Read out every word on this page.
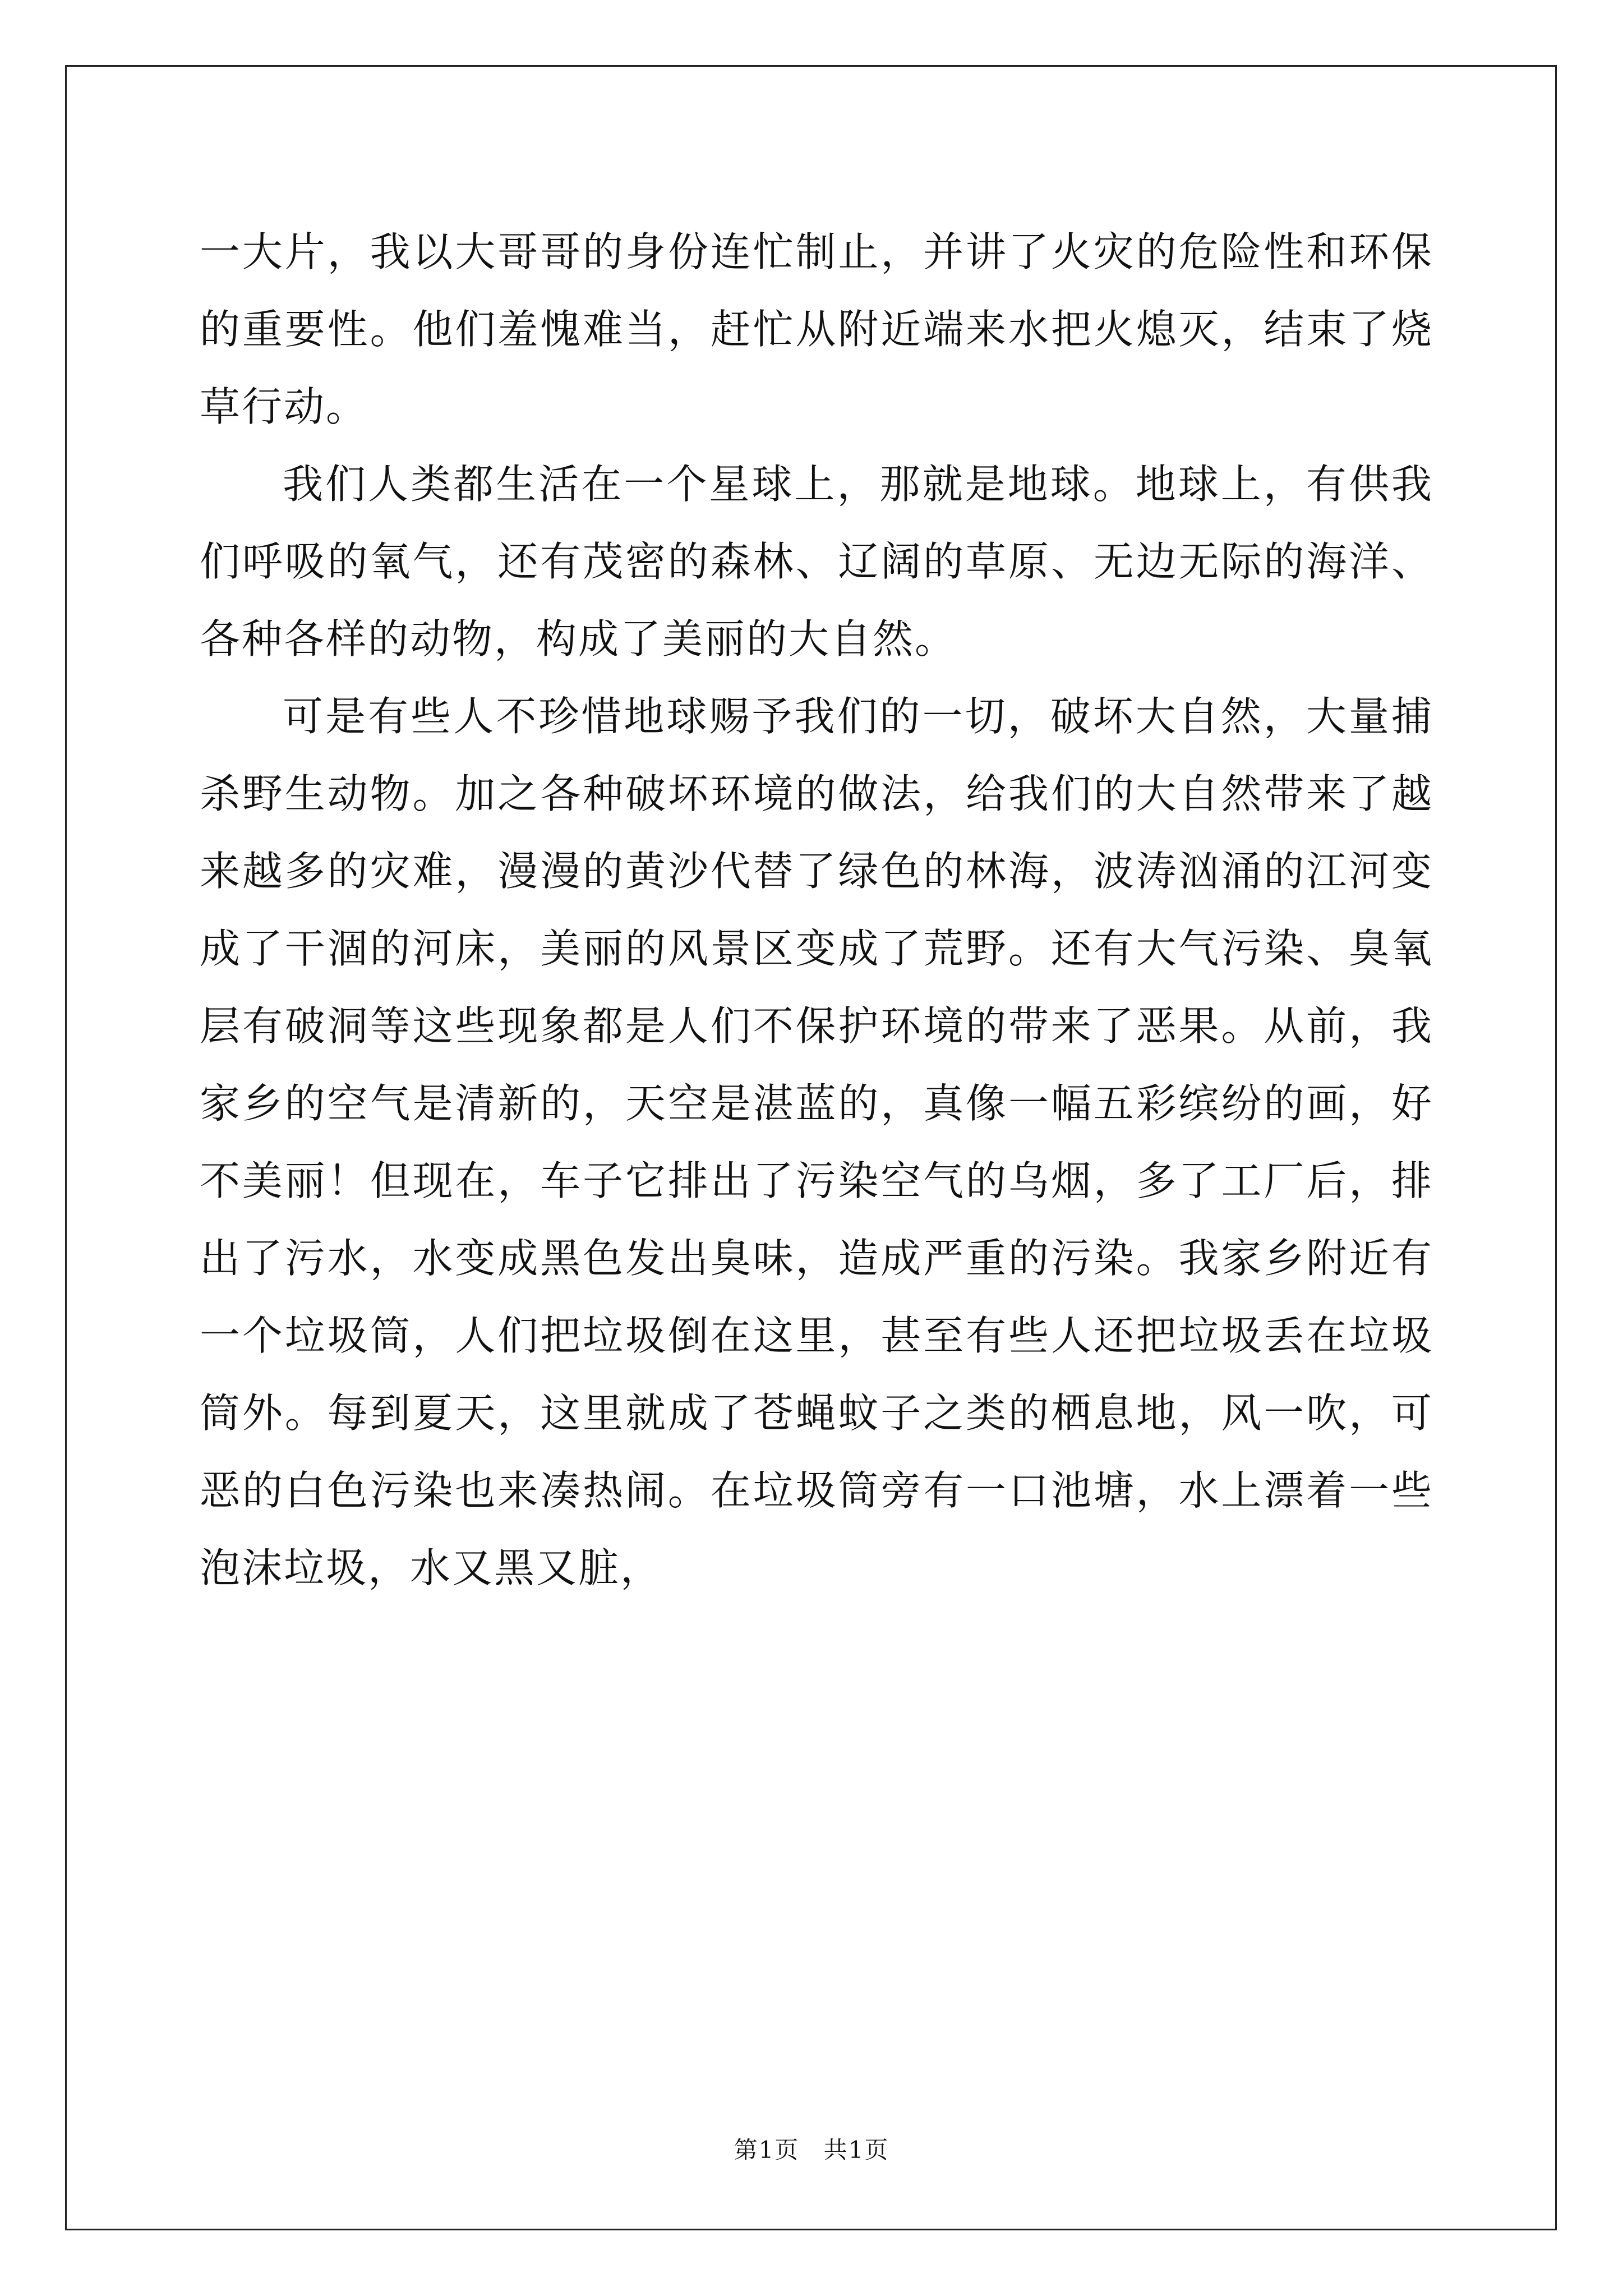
一大片，我以大哥哥的身份连忙制止，并讲了火灾的危险性和环保的重要性。他们羞愧难当，赶忙从附近端来水把火熄灭，结束了烧草行动。

我们人类都生活在一个星球上，那就是地球。地球上，有供我们呼吸的氧气，还有茂密的森林、辽阔的草原、无边无际的海洋、各种各样的动物，构成了美丽的大自然。

可是有些人不珍惜地球赐予我们的一切，破坏大自然，大量捕杀野生动物。加之各种破坏环境的做法，给我们的大自然带来了越来越多的灾难，漫漫的黄沙代替了绿色的林海，波涛汹涌的江河变成了干涸的河床，美丽的风景区变成了荒野。还有大气污染、臭氧层有破洞等这些现象都是人们不保护环境的带来了恶果。从前，我家乡的空气是清新的，天空是湛蓝的，真像一幅五彩缤纷的画，好不美丽！但现在，车子它排出了污染空气的乌烟，多了工厂后，排出了污水，水变成黑色发出臭味，造成严重的污染。我家乡附近有一个垃圾筒，人们把垃圾倒在这里，甚至有些人还把垃圾丢在垃圾筒外。每到夏天，这里就成了苍蝇蚊子之类的栖息地，风一吹，可恶的白色污染也来凑热闹。在垃圾筒旁有一口池塘，水上漂着一些泡沫垃圾，水又黑又脏，

第1页 共1页
